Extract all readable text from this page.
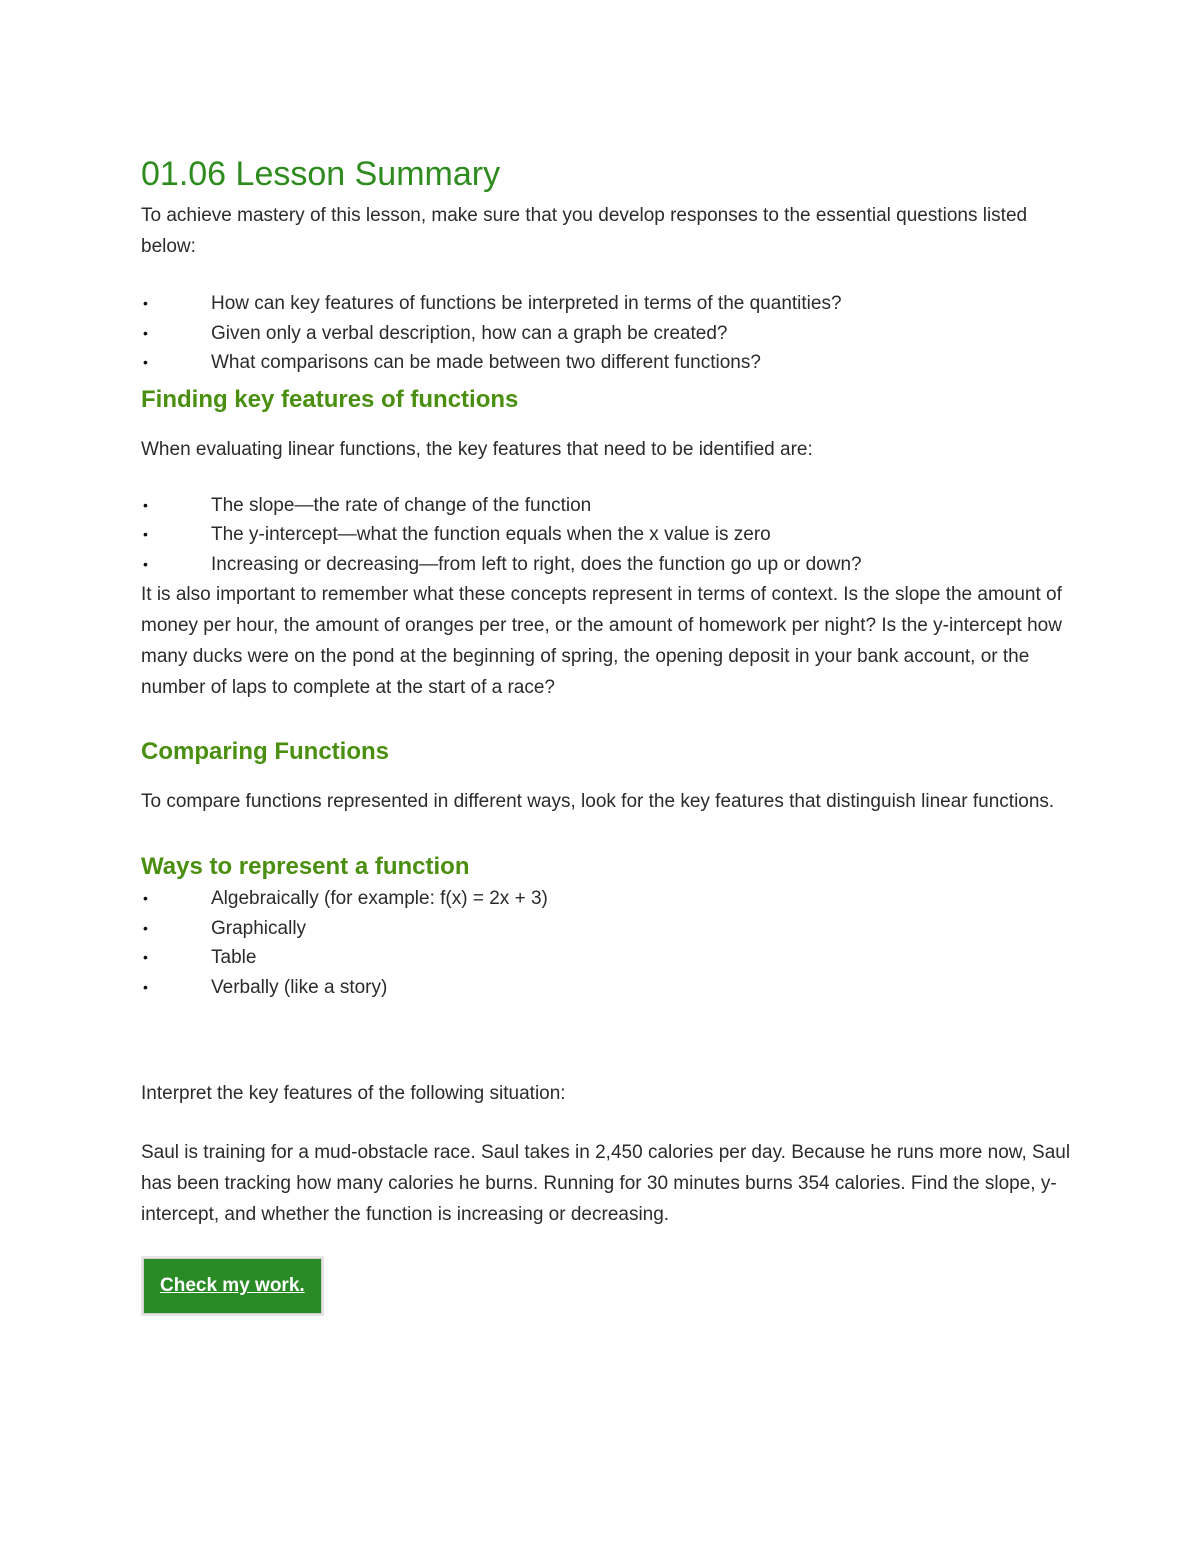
01.06 Lesson Summary

To achieve mastery of this lesson, make sure that you develop responses to the essential questions listed below:

•	How can key features of functions be interpreted in terms of the quantities?
•	Given only a verbal description, how can a graph be created?
•	What comparisons can be made between two different functions?
Finding key features of functions

When evaluating linear functions, the key features that need to be identified are:

•	The slope—the rate of change of the function
•	The y-intercept—what the function equals when the x value is zero
•	Increasing or decreasing—from left to right, does the function go up or down?

It is also important to remember what these concepts represent in terms of context. Is the slope the amount of money per hour, the amount of oranges per tree, or the amount of homework per night? Is the y-intercept how many ducks were on the pond at the beginning of spring, the opening deposit in your bank account, or the number of laps to complete at the start of a race?

Comparing Functions

To compare functions represented in different ways, look for the key features that distinguish linear functions.

Ways to represent a function
•	Algebraically (for example: f(x) = 2x + 3)
•	Graphically
•	Table
•	Verbally (like a story)

Interpret the key features of the following situation:

Saul is training for a mud-obstacle race. Saul takes in 2,450 calories per day. Because he runs more now, Saul has been tracking how many calories he burns. Running for 30 minutes burns 354 calories. Find the slope, y-intercept, and whether the function is increasing or decreasing.

Check my work.
